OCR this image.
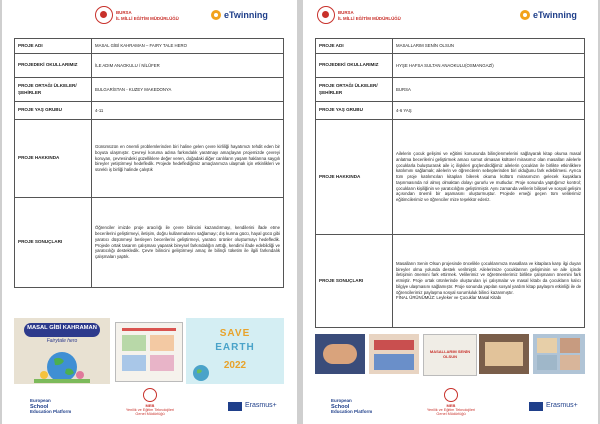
BURSA
İL MİLLİ EĞİTİM MÜDÜRLÜĞÜ	eTwinning
PROJE ADI	MASAL GİBİ KAHRAMAN – FAIRY TALE HERO
PROJEDEKİ OKULLARIMIZ	İLE ADIM ANAOKULU / NİLÜFER
PROJE ORTAĞI ÜLKELER/ŞEHİRLER	BULGARİSTAN - KUZEY MAKEDONYA
PROJE YAŞ GRUBU	4-11
PROJE HAKKINDA	Günümüzün en önemli problemlerinden biri haline gelen çevre kirliliği hayatımızı tehdit eden bir boyuta ulaşmıştır. Çevreyi koruma adına farkındalık yaratmayı amaçlayan projemizde çevreyi koruyan, çevresindeki güzelliklere değer veren, doğadaki diğer canlıların yaşam haklarına saygılı bireyler yetiştirmeyi hedefledik. Projede hedeflediğimiz amaçlarımıza ulaşmak için etkinlikleri ve süreklı iş birliği halinde çalıştık
PROJE SONUÇLARI	Öğrenciler imizde proje aracılığı ile çevre bilincini kazandırmayı, kendilerini ifade etme becerilerini geliştirmeyi, iletişim, doğru kullanmalarını sağlamayı; dış kurma gücü, hayal gücü gibi yaratıcı düşünmeyi besleyen becerilerini geliştirmeyi, yaratıcı ürünler oluşturmayı hedefledik. Projede ortak tasarım çalışması yaparak bireysel farkındalığın arttığı, kendimi ifade edebildiği ve yaratıcılığı destekledik. Çevre bilincini geliştirmeyi amaç ile bilinçli tüketim ile ilgili farkındalık çalışmaları yaptık.
MASAL GİBİ KAHRAMAN
Fairytale hero
SAVE
EARTH
2022
European
School
Education Platform
MEB
Yenilik ve Eğitim Teknolojileri
Genel Müdürlüğü
Erasmus+
BURSA
İL MİLLİ EĞİTİM MÜDÜRLÜĞÜ	eTwinning
PROJE ADI	MASALLARIM SENİN OLSUN
PROJEDEKİ OKULLARIMIZ	HYŞE HAFSA SULTAN ANAOKULU(OSMANGAZİ)
PROJE ORTAĞI ÜLKELER/ŞEHİRLER	BURSA
PROJE YAŞ GRUBU	4-6 YAŞ
PROJE HAKKINDA	Ailelerin çocuk gelişimi ve eğitimi konusunda bilinçlenmelerini sağlayarak kitap okuma masal anlatma becerilerini geliştirmek amacı somut olmasan kültürel mirasımız olan masalları ailelerle çocuklarla buluşturarak aile iç ilişkileri güçlendirdiğimiz ailelerin çocukları ile birlikte etkinliklere katılımını sağlamak; ailelerin ve öğrencilerin sebeplerinden biri olduğunu fark edebilmesi. Ayrıca tüm proje katılımcıları kitapları bilerek okuma kültürü mirasımızın gelecek kuşaklara taşınmasında rol almış olmaktan dolayı gururlu ve mutludur. Proje sonunda yaptığımız kontrol; çocukların kişiliğinin ve yaratıcılığını geliştirmiştir. Aynı zamanda velilerin bilişsel ve sosyal gelişim açısından önemli bir aşamasını oluşturmuştur. Projede emeği geçen tüm velilerimiz eğitimcilerimiz ve öğrenciler mize teşekkür ederiz.
PROJE SONUÇLARI	Masalların Senin Olsun projesinde öncelikle çocuklarımıza masallara ve kitaplara karşı ilgi duyan bireyler olma yolunda destek verilmiştir. Ailelerimize çocuklarının gelişiminin ve aile içinde iletişimin önemini fark ettirmek. Velilerimiz ve öğretmenlerimiz birlikte çalışmanın önemini fark etmiştir. Proje ortak ürünlerinde oluşturulan iyi çalışmalar ve masal kitabı da çocukların kalıcı bilgiye ulaşmasını sağlamıştır. Proje sonunda yapılan sosyal yardım kitap paylaşım etkinliği ile de öğrencilerimiz paylaşma sosyal sorumluluk bilinci kazanmıştır.
FİNAL ÜRÜNÜMÜZ: Leyleker ve Çocuklar Masal Kitabı
MASALLARIM SENİN OLSUN
European
School
Education Platform
MEB
Yenilik ve Eğitim Teknolojileri
Genel Müdürlüğü
Erasmus+
